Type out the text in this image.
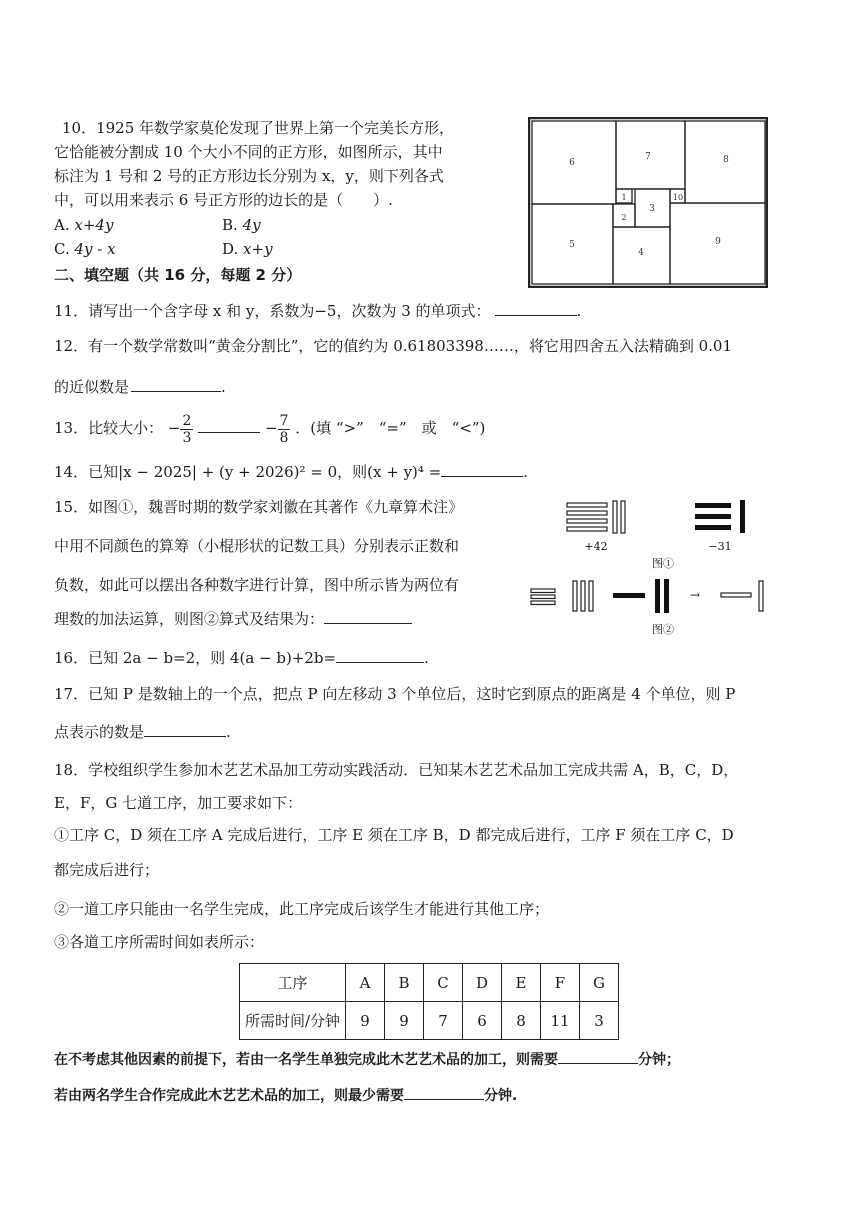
10．1925 年数学家莫伦发现了世界上第一个完美长方形，
它恰能被分割成 10 个大小不同的正方形，如图所示，其中
标注为 1 号和 2 号的正方形边长分别为 x，y，则下列各式
中，可以用来表示 6 号正方形的边长的是（　　）.
A. x+4y	B. 4y
C. 4y - x	D. x+y
6
7	8
1
2
3
10
5
4
9
二、填空题（共 16 分，每题 2 分）
11．请写出一个含字母 x 和 y，系数为−5，次数为 3 的单项式：	.
12．有一个数学常数叫“黄金分割比”，它的值约为 0.61803398……，将它用四舍五入法精确到 0.01
的近似数是	.
13．比较大小： − $\frac{2}{3}$	− $\frac{7}{8}$ ．(填 “>”　“=”　或　“<”)
14．已知|x − 2025| + (y + 2026)² = 0，则(x + y)⁴ =	.
15．如图①，魏晋时期的数学家刘徽在其著作《九章算术注》
中用不同颜色的算筹（小棍形状的记数工具）分别表示正数和
负数，如此可以摆出各种数字进行计算，图中所示皆为两位有
理数的加法运算，则图②算式及结果为：
+42	−31
图①
→
图②
16．已知 2a − b=2，则 4(a − b)+2b=	.
17．已知 P 是数轴上的一个点，把点 P 向左移动 3 个单位后，这时它到原点的距离是 4 个单位，则 P
点表示的数是	.
18．学校组织学生参加木艺艺术品加工劳动实践活动．已知某木艺艺术品加工完成共需 A，B，C，D，
E，F，G 七道工序，加工要求如下：
①工序 C，D 须在工序 A 完成后进行，工序 E 须在工序 B，D 都完成后进行，工序 F 须在工序 C，D
都完成后进行；
②一道工序只能由一名学生完成，此工序完成后该学生才能进行其他工序；
③各道工序所需时间如表所示：
工序	A	B	C	D	E	F	G
所需时间/分钟	9	9	7	6	8	11	3
在不考虑其他因素的前提下，若由一名学生单独完成此木艺艺术品的加工，则需要	分钟；
若由两名学生合作完成此木艺艺术品的加工，则最少需要	分钟.
